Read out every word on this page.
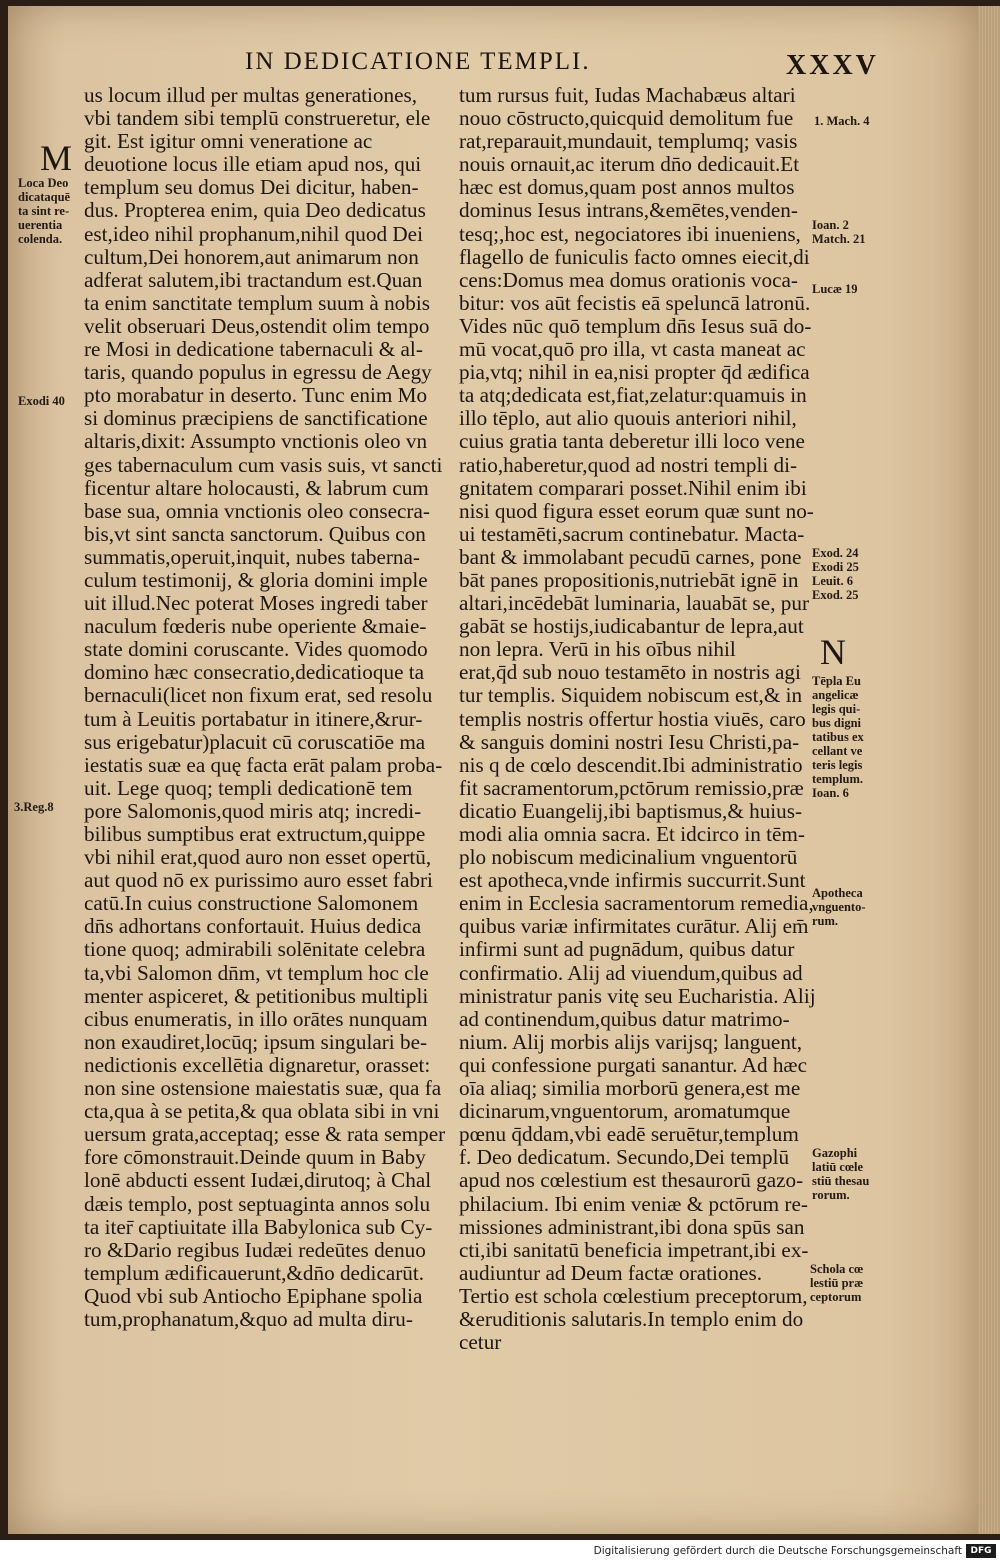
IN DEDICATIONE TEMPLI.	XXXV
us locum illud per multas generationes,
vbi tandem sibi templū construeretur, ele
git. Est igitur omni veneratione ac
deuotione locus ille etiam apud nos, qui
templum seu domus Dei dicitur, haben-
dus. Propterea enim, quia Deo dedicatus
est,ideo nihil prophanum,nihil quod Dei
cultum,Dei honorem,aut animarum non
adferat salutem,ibi tractandum est.Quan
ta enim sanctitate templum suum à nobis
velit obseruari Deus,ostendit olim tempo
re Mosi in dedicatione tabernaculi & al-
taris, quando populus in egressu de Aegy
pto morabatur in deserto. Tunc enim Mo
si dominus præcipiens de sanctificatione
altaris,dixit: Assumpto vnctionis oleo vn
ges tabernaculum cum vasis suis, vt sancti
ficentur altare holocausti, & labrum cum
base sua, omnia vnctionis oleo consecra-
bis,vt sint sancta sanctorum. Quibus con
summatis,operuit,inquit, nubes taberna-
culum testimonij, & gloria domini imple
uit illud.Nec poterat Moses ingredi taber
naculum fœderis nube operiente &maie-
state domini coruscante. Vides quomodo
domino hæc consecratio,dedicatioque ta
bernaculi(licet non fixum erat, sed resolu
tum à Leuitis portabatur in itinere,&rur-
sus erigebatur)placuit cū coruscatiōe ma
iestatis suæ ea quę facta erāt palam proba-
uit. Lege quoq; templi dedicationē tem
pore Salomonis,quod miris atq; incredi-
bilibus sumptibus erat extructum,quippe
vbi nihil erat,quod auro non esset opertū,
aut quod nō ex purissimo auro esset fabri
catū.In cuius constructione Salomonem
dn̄s adhortans confortauit. Huius dedica
tione quoq; admirabili solēnitate celebra
ta,vbi Salomon dn̄m, vt templum hoc cle
menter aspiceret, & petitionibus multipli
cibus enumeratis, in illo orātes nunquam
non exaudiret,locūq; ipsum singulari be-
nedictionis excellētia dignaretur, orasset:
non sine ostensione maiestatis suæ, qua fa
cta,qua à se petita,& qua oblata sibi in vni
uersum grata,acceptaq; esse & rata semper
fore cōmonstrauit.Deinde quum in Baby
lonē abducti essent Iudæi,dirutoq; à Chal
dæis templo, post septuaginta annos solu
ta iter̄ captiuitate illa Babylonica sub Cy-
ro &Dario regibus Iudæi redeūtes denuo
templum ædificauerunt,&dn̄o dedicarūt.
Quod vbi sub Antiocho Epiphane spolia
tum,prophanatum,&quo ad multa diru-
tum rursus fuit, Iudas Machabæus altari
nouo cōstructo,quicquid demolitum fue
rat,reparauit,mundauit, templumq; vasis
nouis ornauit,ac iterum dn̄o dedicauit.Et
hæc est domus,quam post annos multos
dominus Iesus intrans,&emētes,venden-
tesq;,hoc est, negociatores ibi inueniens,
flagello de funiculis facto omnes eiecit,di
cens:Domus mea domus orationis voca-
bitur: vos aūt fecistis eā speluncā latronū.
Vides nūc quō templum dn̄s Iesus suā do-
mū vocat,quō pro illa, vt casta maneat ac
pia,vtq; nihil in ea,nisi propter q̄d ædifica
ta atq;dedicata est,fiat,zelatur:quamuis in
illo tēplo, aut alio quouis anteriori nihil,
cuius gratia tanta deberetur illi loco vene
ratio,haberetur,quod ad nostri templi di-
gnitatem comparari posset.Nihil enim ibi
nisi quod figura esset eorum quæ sunt no-
ui testamēti,sacrum continebatur. Macta-
bant & immolabant pecudū carnes, pone
bāt panes propositionis,nutriebāt ignē in
altari,incēdebāt luminaria, lauabāt se, pur
gabāt se hostijs,iudicabantur de lepra,aut
non lepra. Verū in his oībus nihil
erat,q̄d sub nouo testamēto in nostris agi
tur templis. Siquidem nobiscum est,& in
templis nostris offertur hostia viuēs, caro
& sanguis domini nostri Iesu Christi,pa-
nis q de cœlo descendit.Ibi administratio
fit sacramentorum,pctōrum remissio,præ
dicatio Euangelij,ibi baptismus,& huius-
modi alia omnia sacra. Et idcirco in tēm-
plo nobiscum medicinalium vnguentorū
est apotheca,vnde infirmis succurrit.Sunt
enim in Ecclesia sacramentorum remedia,
quibus variæ infirmitates curātur. Alij em̄
infirmi sunt ad pugnādum, quibus datur
confirmatio. Alij ad viuendum,quibus ad
ministratur panis vitę seu Eucharistia. Alij
ad continendum,quibus datur matrimo-
nium. Alij morbis alijs varijsq; languent,
qui confessione purgati sanantur. Ad hæc
oīa aliaq; similia morborū genera,est me
dicinarum,vnguentorum, aromatumque
pœnu q̄ddam,vbi eadē seruētur,templum
f. Deo dedicatum. Secundo,Dei templū
apud nos cœlestium est thesaurorū gazo-
philacium. Ibi enim veniæ & pctōrum re-
missiones administrant,ibi dona spūs san
cti,ibi sanitatū beneficia impetrant,ibi ex-
audiuntur ad Deum factæ orationes.
Tertio est schola cœlestium preceptorum,
&eruditionis salutaris.In templo enim do
cetur
M
N
Loca Deo
dicataquē
ta sint re-
uerentia
colenda.
Exodi 40
3.Reg.8
1. Mach. 4
Ioan. 2
Match. 21
Lucæ 19
Exod. 24
Exodi 25
Leuit. 6
Exod. 25
Tēpla Eu
angelicæ
legis qui-
bus digni
tatibus ex
cellant ve
teris legis
templum.
Ioan. 6
Apotheca
vnguento-
rum.
Gazophi
latiū cœle
stiū thesau
rorum.
Schola cœ
lestiū præ
ceptorum
Digitalisierung gefördert durch die Deutsche Forschungsgemeinschaft DFG
